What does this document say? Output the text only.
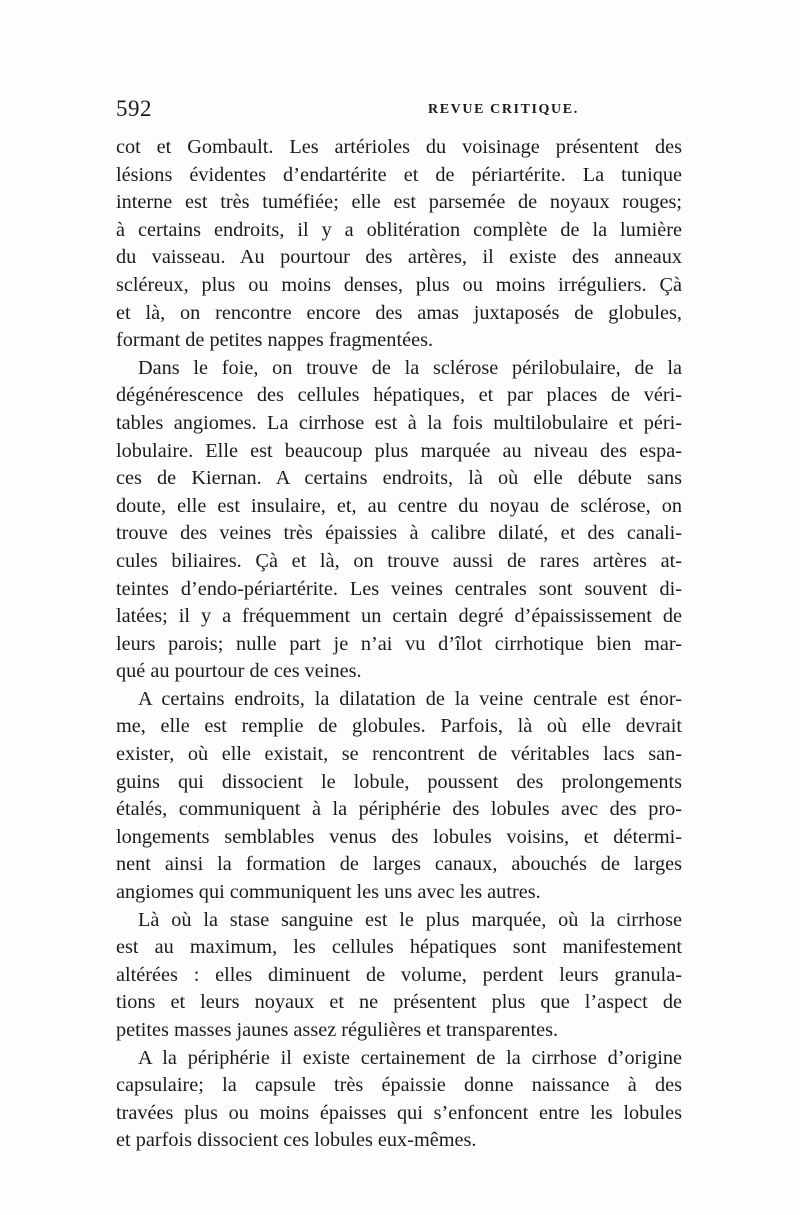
592	REVUE CRITIQUE.
cot et Gombault. Les artérioles du voisinage présentent des
lésions évidentes d’endartérite et de périartérite. La tunique
interne est très tuméfiée; elle est parsemée de noyaux rouges;
à certains endroits, il y a oblitération complète de la lumière
du vaisseau. Au pourtour des artères, il existe des anneaux
scléreux, plus ou moins denses, plus ou moins irréguliers. Çà
et là, on rencontre encore des amas juxtaposés de globules,
formant de petites nappes fragmentées.
Dans le foie, on trouve de la sclérose périlobulaire, de la
dégénérescence des cellules hépatiques, et par places de véri-
tables angiomes. La cirrhose est à la fois multilobulaire et péri-
lobulaire. Elle est beaucoup plus marquée au niveau des espa-
ces de Kiernan. A certains endroits, là où elle débute sans
doute, elle est insulaire, et, au centre du noyau de sclérose, on
trouve des veines très épaissies à calibre dilaté, et des canali-
cules biliaires. Çà et là, on trouve aussi de rares artères at-
teintes d’endo-périartérite. Les veines centrales sont souvent di-
latées; il y a fréquemment un certain degré d’épaississement de
leurs parois; nulle part je n’ai vu d’îlot cirrhotique bien mar-
qué au pourtour de ces veines.
A certains endroits, la dilatation de la veine centrale est énor-
me, elle est remplie de globules. Parfois, là où elle devrait
exister, où elle existait, se rencontrent de véritables lacs san-
guins qui dissocient le lobule, poussent des prolongements
étalés, communiquent à la périphérie des lobules avec des pro-
longements semblables venus des lobules voisins, et détermi-
nent ainsi la formation de larges canaux, abouchés de larges
angiomes qui communiquent les uns avec les autres.
Là où la stase sanguine est le plus marquée, où la cirrhose
est au maximum, les cellules hépatiques sont manifestement
altérées : elles diminuent de volume, perdent leurs granula-
tions et leurs noyaux et ne présentent plus que l’aspect de
petites masses jaunes assez régulières et transparentes.
A la périphérie il existe certainement de la cirrhose d’origine
capsulaire; la capsule très épaissie donne naissance à des
travées plus ou moins épaisses qui s’enfoncent entre les lobules
et parfois dissocient ces lobules eux-mêmes.
